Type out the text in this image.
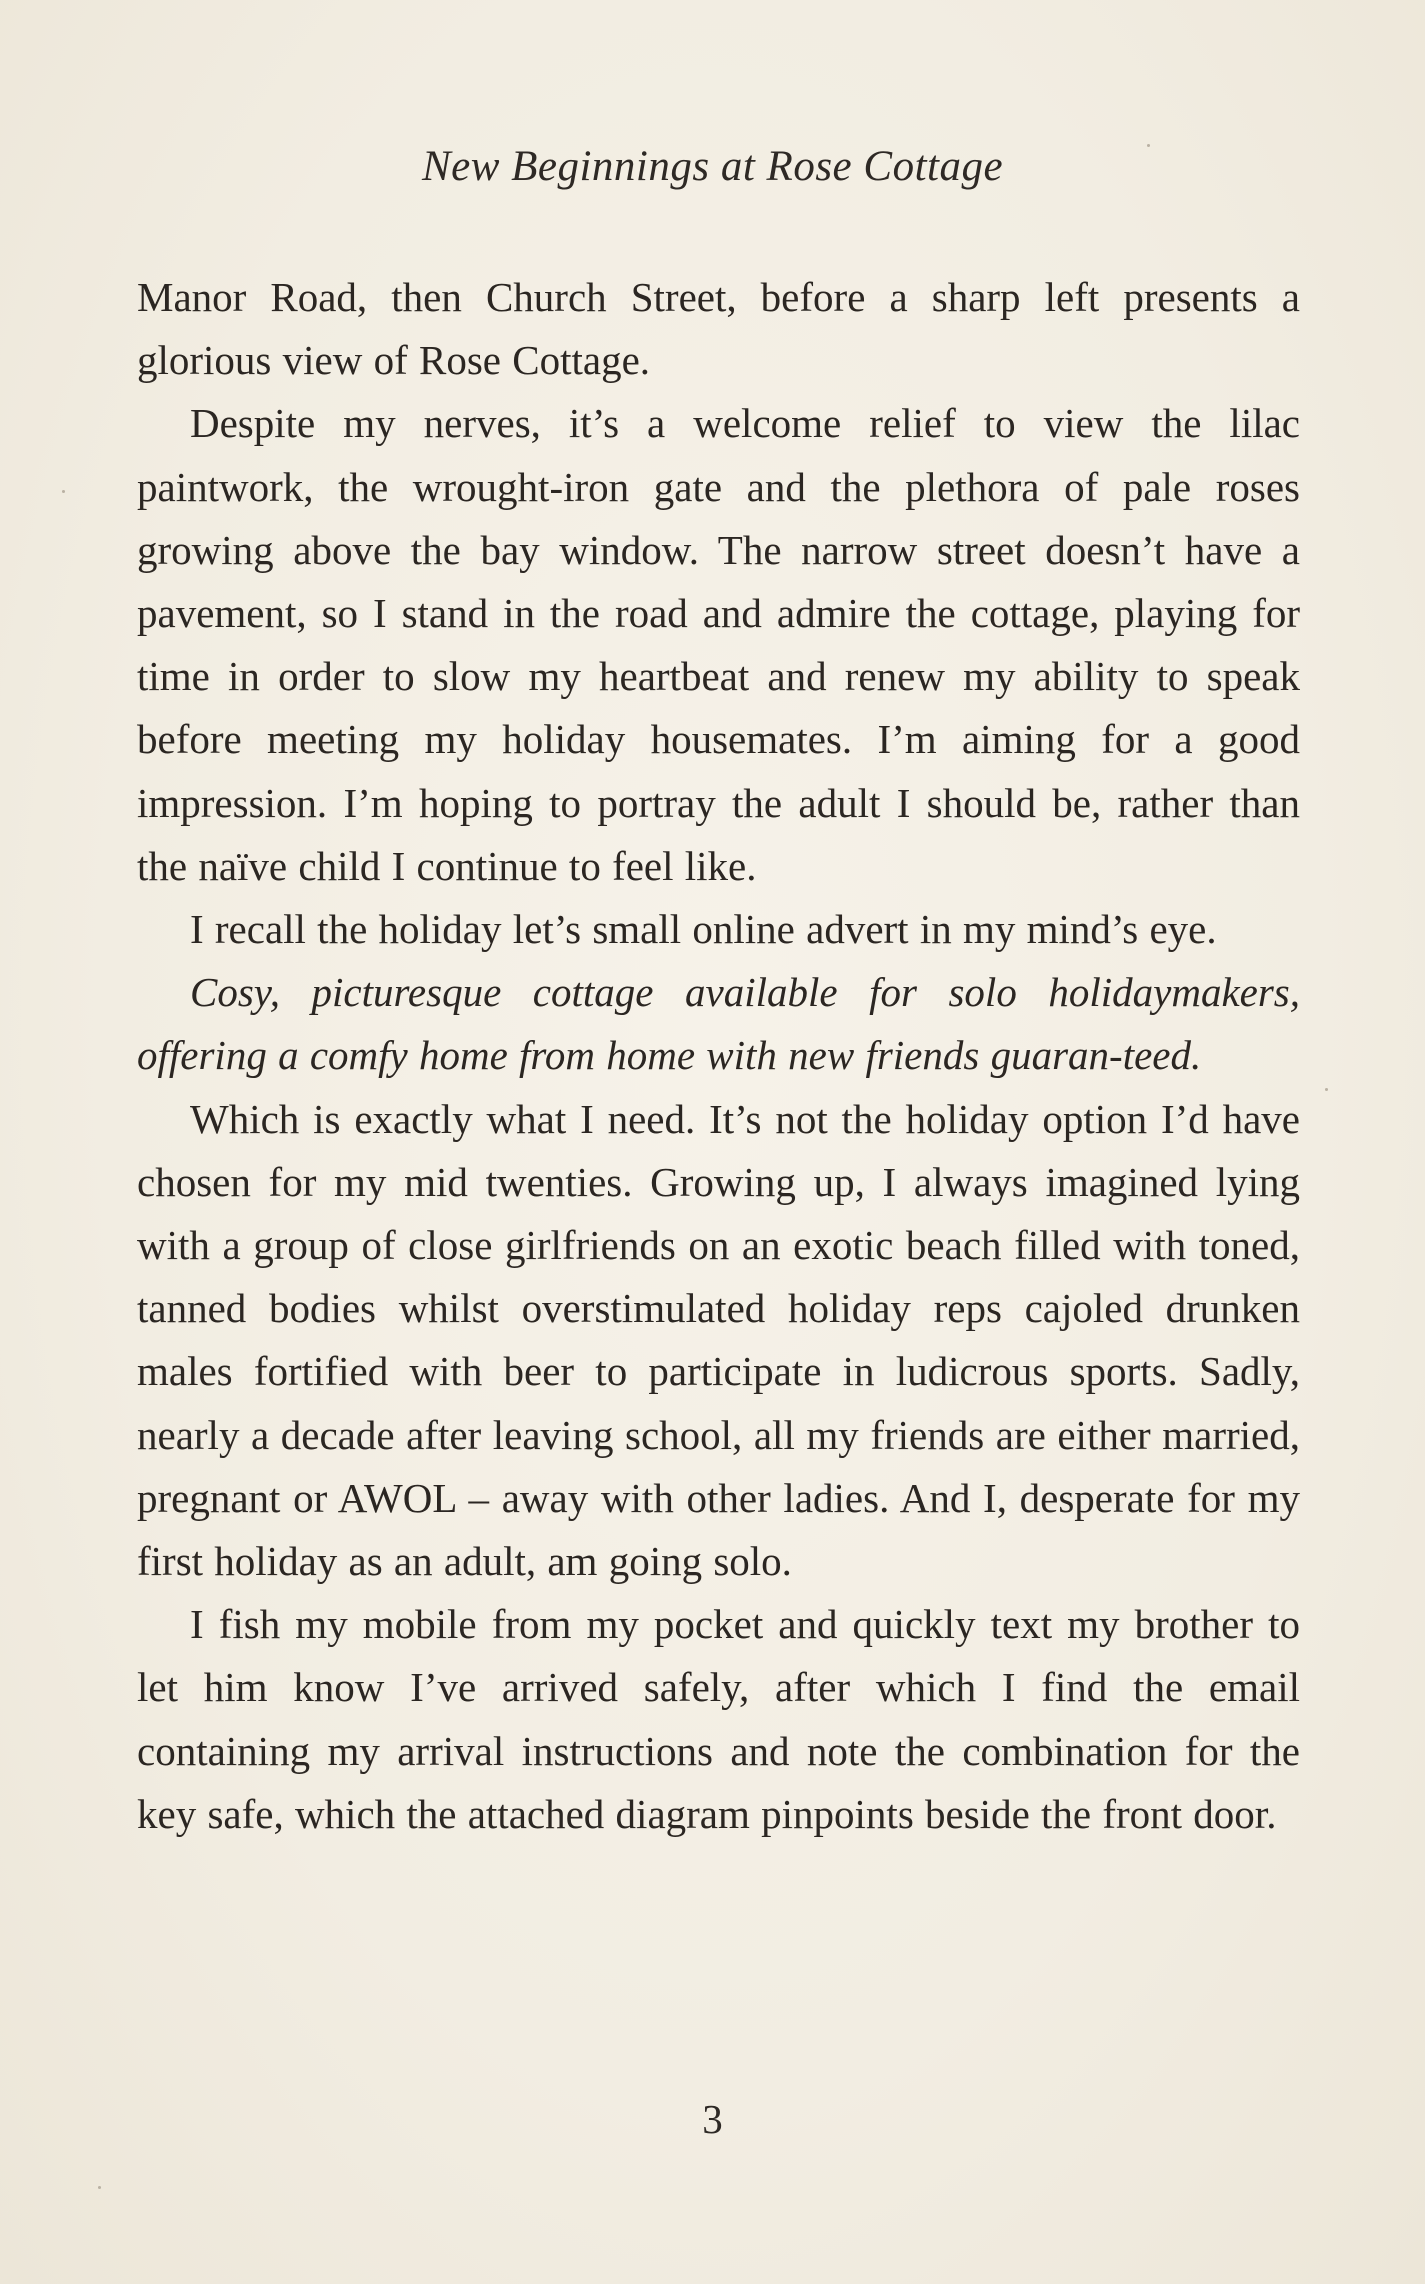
New Beginnings at Rose Cottage

Manor Road, then Church Street, before a sharp left presents a glorious view of Rose Cottage.

Despite my nerves, it’s a welcome relief to view the lilac paintwork, the wrought-iron gate and the plethora of pale roses growing above the bay window. The narrow street doesn’t have a pavement, so I stand in the road and admire the cottage, playing for time in order to slow my heartbeat and renew my ability to speak before meeting my holiday housemates. I’m aiming for a good impression. I’m hoping to portray the adult I should be, rather than the naïve child I continue to feel like.

I recall the holiday let’s small online advert in my mind’s eye.

Cosy, picturesque cottage available for solo holidaymakers, offering a comfy home from home with new friends guaran-teed.

Which is exactly what I need. It’s not the holiday option I’d have chosen for my mid twenties. Growing up, I always imagined lying with a group of close girlfriends on an exotic beach filled with toned, tanned bodies whilst overstimulated holiday reps cajoled drunken males fortified with beer to participate in ludicrous sports. Sadly, nearly a decade after leaving school, all my friends are either married, pregnant or AWOL – away with other ladies. And I, desperate for my first holiday as an adult, am going solo.

I fish my mobile from my pocket and quickly text my brother to let him know I’ve arrived safely, after which I find the email containing my arrival instructions and note the combination for the key safe, which the attached diagram pinpoints beside the front door.

3
